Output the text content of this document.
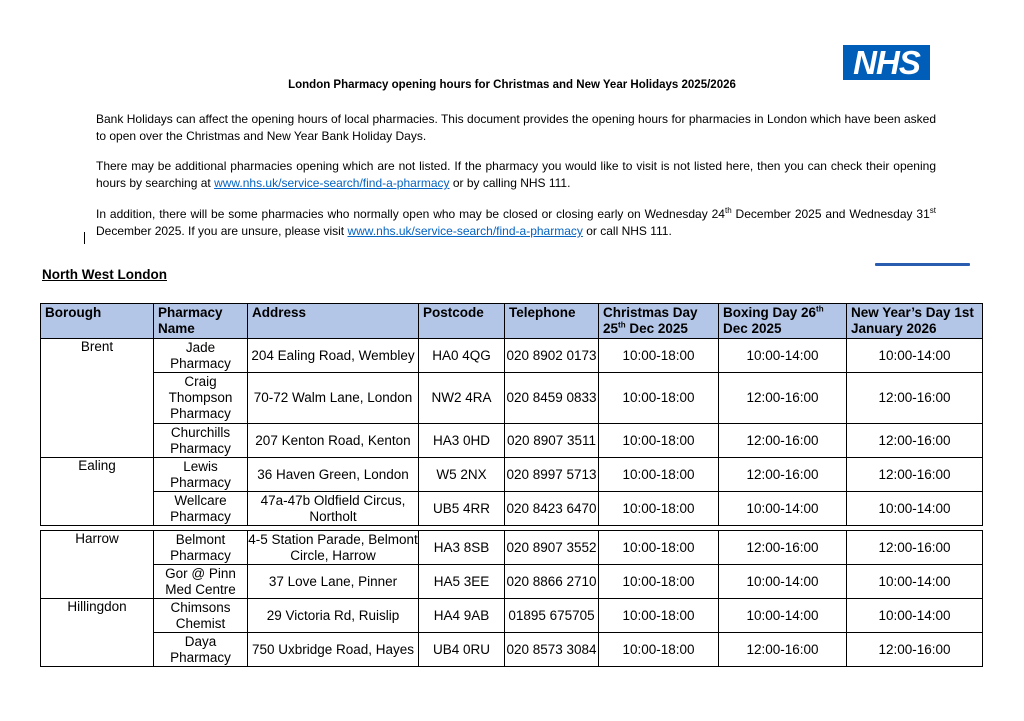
NHS
London Pharmacy opening hours for Christmas and New Year Holidays 2025/2026
Bank Holidays can affect the opening hours of local pharmacies. This document provides the opening hours for pharmacies in London which have been asked to open over the Christmas and New Year Bank Holiday Days.
There may be additional pharmacies opening which are not listed. If the pharmacy you would like to visit is not listed here, then you can check their opening hours by searching at www.nhs.uk/service-search/find-a-pharmacy or by calling NHS 111.
In addition, there will be some pharmacies who normally open who may be closed or closing early on Wednesday 24th December 2025 and Wednesday 31st December 2025. If you are unsure, please visit www.nhs.uk/service-search/find-a-pharmacy or call NHS 111.
North West London
Borough	Pharmacy Name	Address	Postcode	Telephone	Christmas Day 25th Dec 2025	Boxing Day 26th Dec 2025	New Year’s Day 1st January 2026
Brent	Jade Pharmacy	204 Ealing Road, Wembley	HA0 4QG	020 8902 0173	10:00-18:00	10:00-14:00	10:00-14:00
	Craig Thompson Pharmacy	70-72 Walm Lane, London	NW2 4RA	020 8459 0833	10:00-18:00	12:00-16:00	12:00-16:00
	Churchills Pharmacy	207 Kenton Road, Kenton	HA3 0HD	020 8907 3511	10:00-18:00	12:00-16:00	12:00-16:00
Ealing	Lewis Pharmacy	36 Haven Green, London	W5 2NX	020 8997 5713	10:00-18:00	12:00-16:00	12:00-16:00
	Wellcare Pharmacy	47a-47b Oldfield Circus, Northolt	UB5 4RR	020 8423 6470	10:00-18:00	10:00-14:00	10:00-14:00
Harrow	Belmont Pharmacy	4-5 Station Parade, Belmont Circle, Harrow	HA3 8SB	020 8907 3552	10:00-18:00	12:00-16:00	12:00-16:00
	Gor @ Pinn Med Centre	37 Love Lane, Pinner	HA5 3EE	020 8866 2710	10:00-18:00	10:00-14:00	10:00-14:00
Hillingdon	Chimsons Chemist	29 Victoria Rd, Ruislip	HA4 9AB	01895 675705	10:00-18:00	10:00-14:00	10:00-14:00
	Daya Pharmacy	750 Uxbridge Road, Hayes	UB4 0RU	020 8573 3084	10:00-18:00	12:00-16:00	12:00-16:00
